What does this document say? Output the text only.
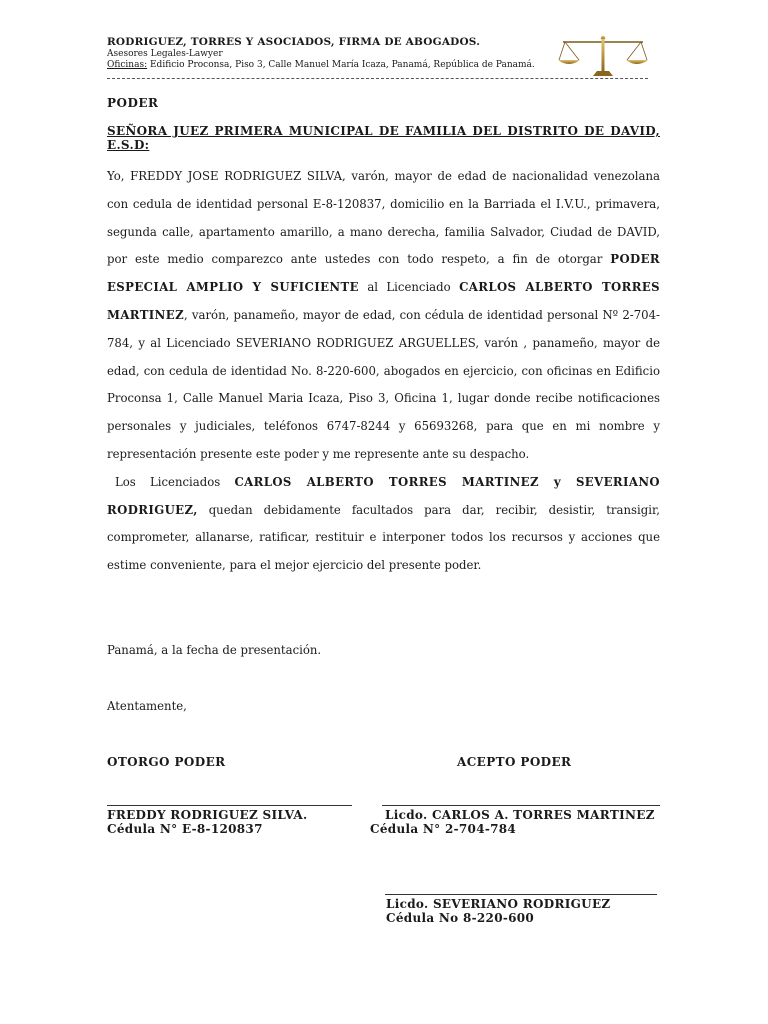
RODRIGUEZ, TORRES Y ASOCIADOS, FIRMA DE ABOGADOS.
Asesores Legales-Lawyer
Oficinas: Edificio Proconsa, Piso 3, Calle Manuel María Icaza, Panamá, República de Panamá.
PODER
SEÑORA JUEZ PRIMERA MUNICIPAL DE FAMILIA DEL DISTRITO DE DAVID, E.S.D:
Yo, FREDDY JOSE RODRIGUEZ SILVA, varón, mayor de edad de nacionalidad venezolana con cedula de identidad personal E-8-120837, domicilio en la Barriada el I.V.U., primavera, segunda calle, apartamento amarillo, a mano derecha, familia Salvador, Ciudad de DAVID, por este medio comparezco ante ustedes con todo respeto, a fin de otorgar PODER ESPECIAL AMPLIO Y SUFICIENTE al Licenciado CARLOS ALBERTO TORRES MARTINEZ, varón, panameño, mayor de edad, con cédula de identidad personal Nº 2-704-784, y al Licenciado SEVERIANO RODRIGUEZ ARGUELLES, varón , panameño, mayor de edad, con cedula de identidad No. 8-220-600, abogados en ejercicio, con oficinas en Edificio Proconsa 1, Calle Manuel Maria Icaza, Piso 3, Oficina 1, lugar donde recibe notificaciones personales y judiciales, teléfonos 6747-8244 y 65693268, para que en mi nombre y representación presente este poder y me represente ante su despacho.
Los Licenciados CARLOS ALBERTO TORRES MARTINEZ y SEVERIANO RODRIGUEZ, quedan debidamente facultados para dar, recibir, desistir, transigir, comprometer, allanarse, ratificar, restituir e interponer todos los recursos y acciones que estime conveniente, para el mejor ejercicio del presente poder.
Panamá, a la fecha de presentación.
Atentamente,
OTORGO PODER	ACEPTO PODER
FREDDY RODRIGUEZ SILVA.
Cédula N° E-8-120837
Licdo. CARLOS A. TORRES MARTINEZ
Cédula N° 2-704-784
Licdo. SEVERIANO RODRIGUEZ
Cédula No 8-220-600
